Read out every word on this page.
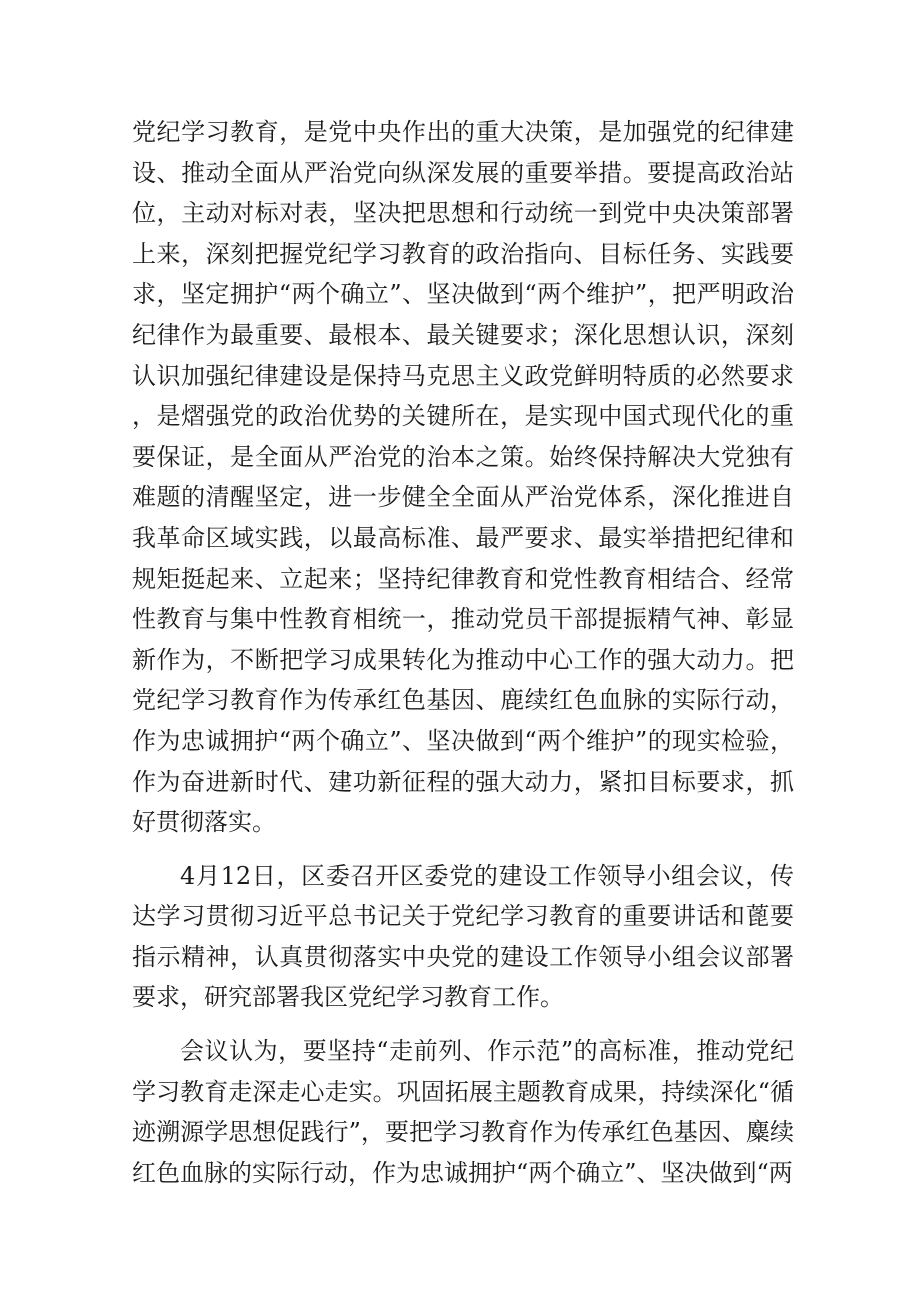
党纪学习教育，是党中央作出的重大决策，是加强党的纪律建设、推动全面从严治党向纵深发展的重要举措。要提高政治站位，主动对标对表，坚决把思想和行动统一到党中央决策部署上来，深刻把握党纪学习教育的政治指向、目标任务、实践要求，坚定拥护“两个确立”、坚决做到“两个维护”，把严明政治纪律作为最重要、最根本、最关键要求；深化思想认识，深刻认识加强纪律建设是保持马克思主义政党鲜明特质的必然要求，是熠强党的政治优势的关键所在，是实现中国式现代化的重要保证，是全面从严治党的治本之策。始终保持解决大党独有难题的清醒坚定，进一步健全全面从严治党体系，深化推进自我革命区域实践，以最高标准、最严要求、最实举措把纪律和规矩挺起来、立起来；坚持纪律教育和党性教育相结合、经常性教育与集中性教育相统一，推动党员干部提振精气神、彰显新作为，不断把学习成果转化为推动中心工作的强大动力。把党纪学习教育作为传承红色基因、鹿续红色血脉的实际行动，作为忠诚拥护“两个确立”、坚决做到“两个维护”的现实检验，作为奋进新时代、建功新征程的强大动力，紧扣目标要求，抓好贯彻落实。

4月12日，区委召开区委党的建设工作领导小组会议，传达学习贯彻习近平总书记关于党纪学习教育的重要讲话和蓖要指示精神，认真贯彻落实中央党的建设工作领导小组会议部署要求，研究部署我区党纪学习教育工作。

会议认为，要坚持“走前列、作示范”的高标准，推动党纪学习教育走深走心走实。巩固拓展主题教育成果，持续深化“循迹溯源学思想促践行”，要把学习教育作为传承红色基因、麋续红色血脉的实际行动，作为忠诚拥护“两个确立”、坚决做到“两
